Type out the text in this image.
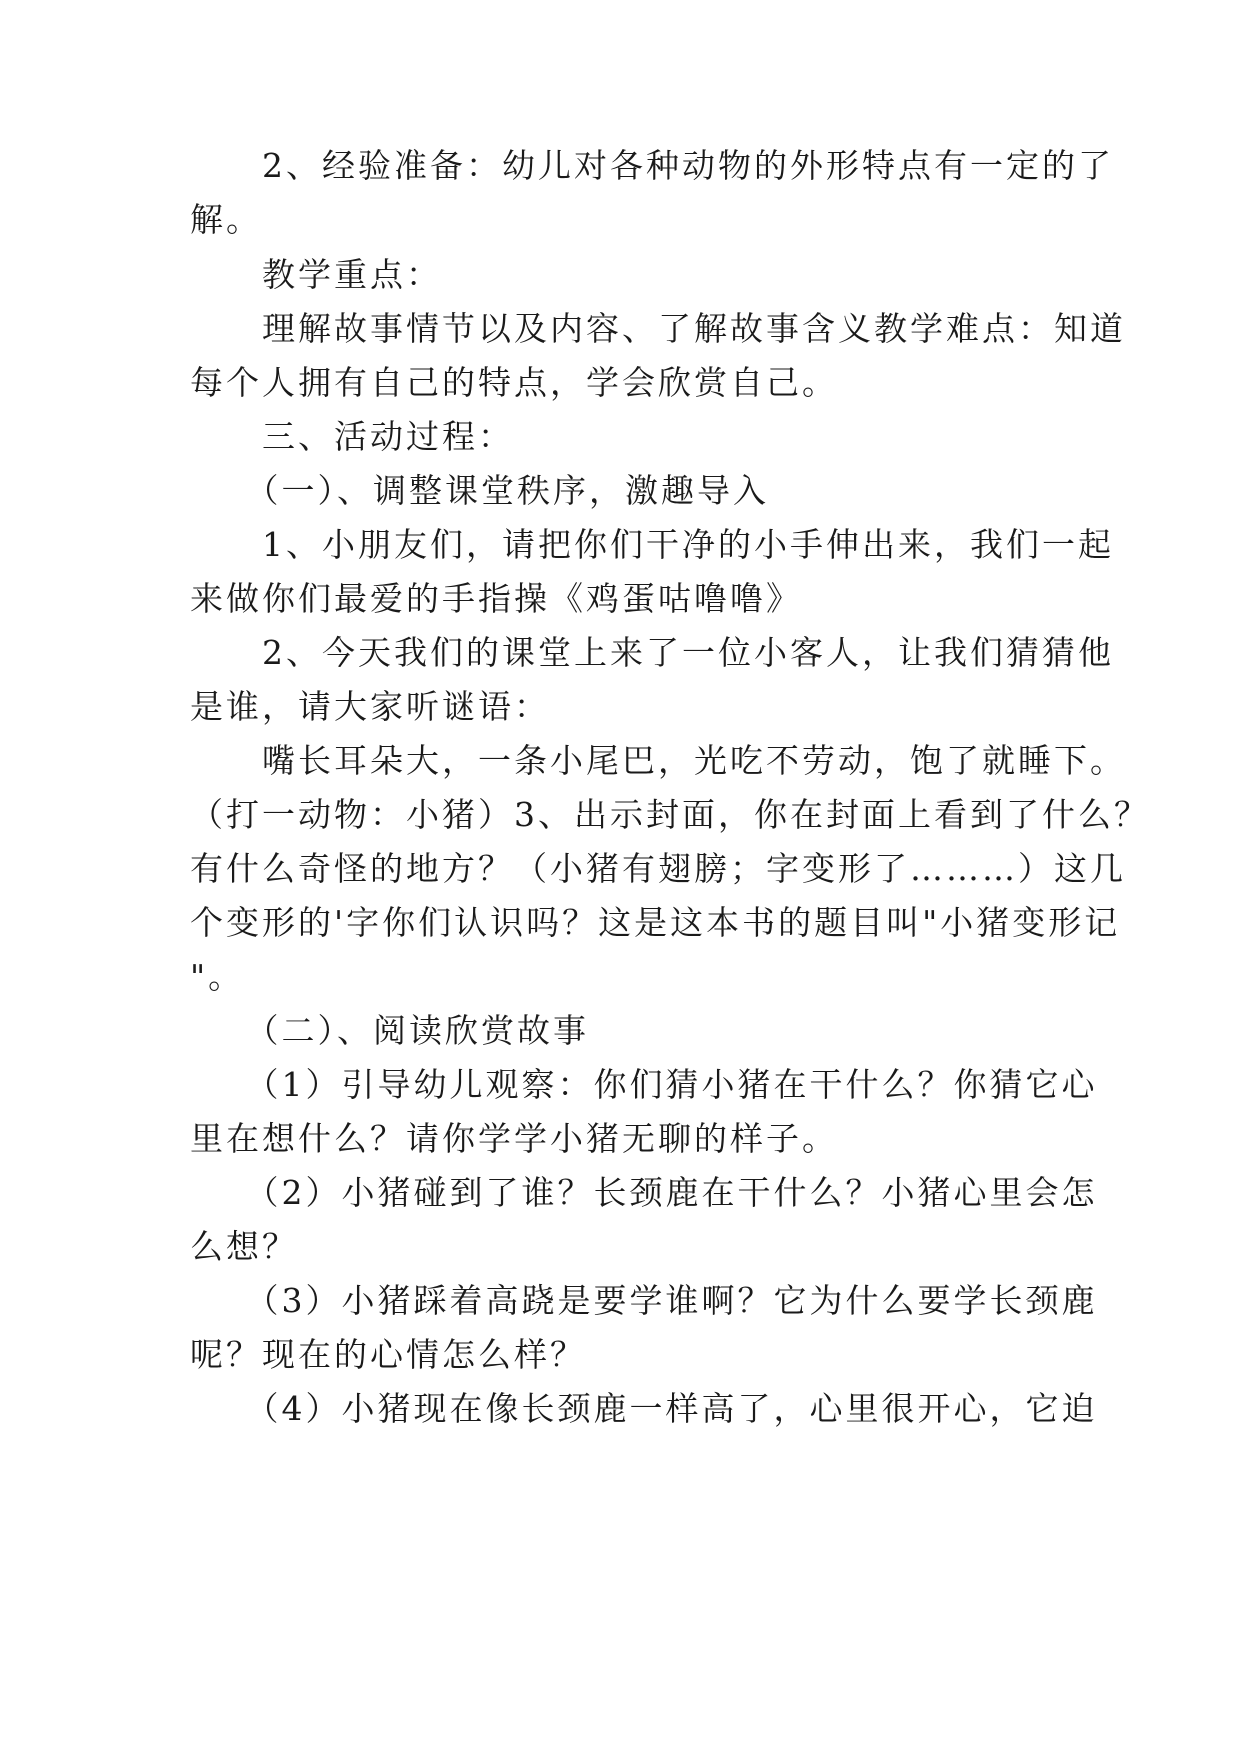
　　2、经验准备：幼儿对各种动物的外形特点有一定的了
解。
　　教学重点：
　　理解故事情节以及内容、了解故事含义教学难点：知道
每个人拥有自己的特点，学会欣赏自己。
　　三、活动过程：
　　（一）、调整课堂秩序，激趣导入
　　1、小朋友们，请把你们干净的小手伸出来，我们一起
来做你们最爱的手指操《鸡蛋咕噜噜》
　　2、今天我们的课堂上来了一位小客人，让我们猜猜他
是谁，请大家听谜语：
　　嘴长耳朵大，一条小尾巴，光吃不劳动，饱了就睡下。
（打一动物：小猪）3、出示封面，你在封面上看到了什么？
有什么奇怪的地方？（小猪有翅膀；字变形了………）这几
个变形的'字你们认识吗？这是这本书的题目叫"小猪变形记
"。
　　（二）、阅读欣赏故事
　　（1）引导幼儿观察：你们猜小猪在干什么？你猜它心
里在想什么？请你学学小猪无聊的样子。
　　（2）小猪碰到了谁？长颈鹿在干什么？小猪心里会怎
么想？
　　（3）小猪踩着高跷是要学谁啊？它为什么要学长颈鹿
呢？现在的心情怎么样？
　　（4）小猪现在像长颈鹿一样高了，心里很开心，它迫
